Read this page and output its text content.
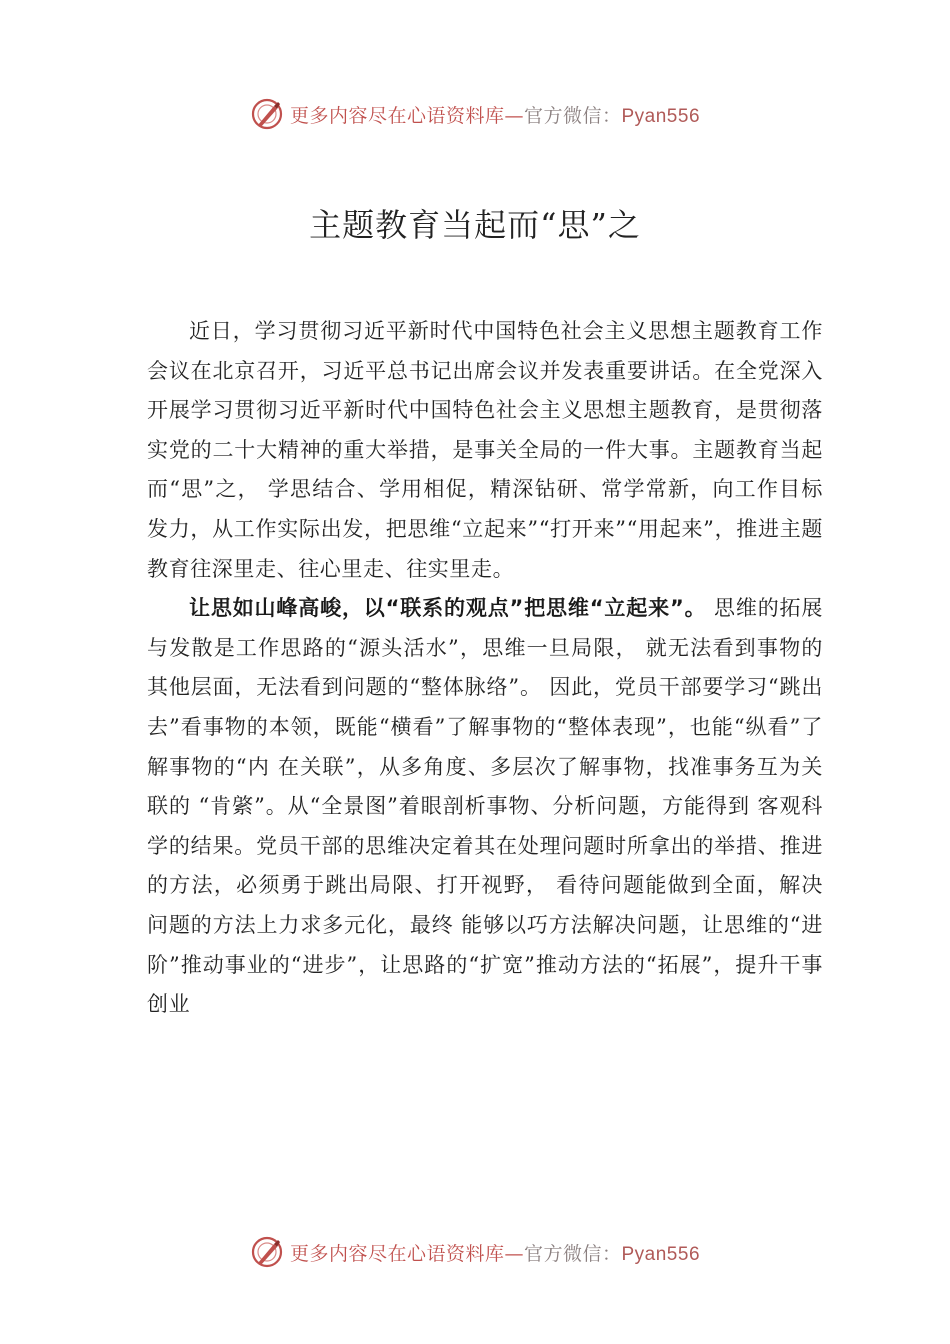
更多内容尽在心语资料库—官方微信：Pyan556
主题教育当起而“思”之

近日，学习贯彻习近平新时代中国特色社会主义思想主题教育工作会议在北京召开，习近平总书记出席会议并发表重要讲话。在全党深入开展学习贯彻习近平新时代中国特色社会主义思想主题教育，是贯彻落实党的二十大精神的重大举措，是事关全局的一件大事。主题教育当起而“思”之， 学思结合、学用相促，精深钻研、常学常新，向工作目标发力，从工作实际出发，把思维“立起来”“打开来”“用起来”，推进主题教育往深里走、往心里走、往实里走。

让思如山峰高峻，以“联系的观点”把思维“立起来”。 思维的拓展与发散是工作思路的“源头活水”，思维一旦局限， 就无法看到事物的其他层面，无法看到问题的“整体脉络”。 因此，党员干部要学习“跳出去”看事物的本领，既能“横看”了解事物的“整体表现”，也能“纵看”了解事物的“内 在关联”，从多角度、多层次了解事物，找准事务互为关联的 “肯綮”。从“全景图”着眼剖析事物、分析问题，方能得到 客观科学的结果。党员干部的思维决定着其在处理问题时所拿出的举措、推进的方法，必须勇于跳出局限、打开视野， 看待问题能做到全面，解决问题的方法上力求多元化，最终 能够以巧方法解决问题，让思维的“进阶”推动事业的“进步”，让思路的“扩宽”推动方法的“拓展”，提升干事创业

更多内容尽在心语资料库—官方微信：Pyan556
